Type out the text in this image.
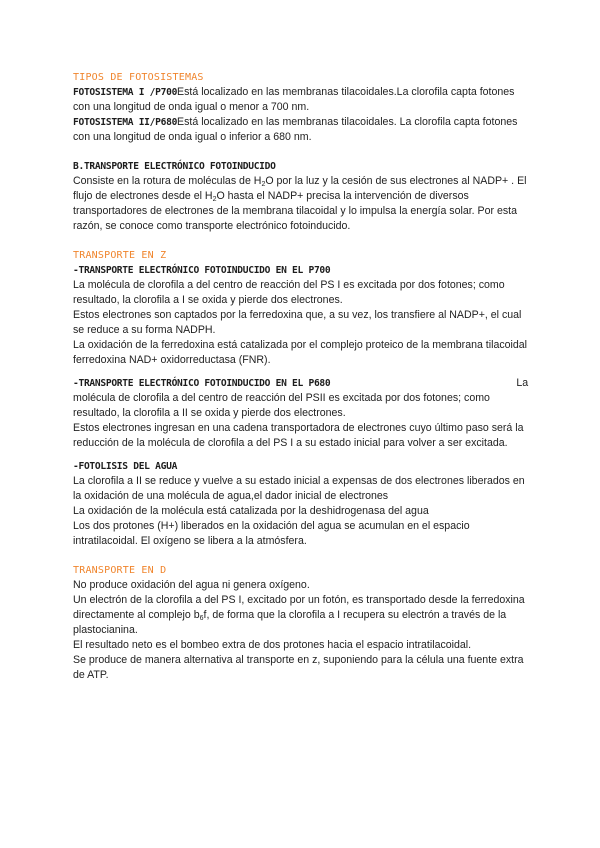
TIPOS DE FOTOSISTEMAS

FOTOSISTEMA I /P700Está localizado en las membranas tilacoidales.La clorofila capta fotones con una longitud de onda igual o menor a 700 nm.

FOTOSISTEMA II/P680Está localizado en las membranas tilacoidales. La clorofila capta fotones con una longitud de onda igual o inferior a 680 nm.

B.TRANSPORTE ELECTRÓNICO FOTOINDUCIDO

Consiste en la rotura de moléculas de $H_2O$ por la luz y la cesión de sus electrones al NADP+ . El flujo de electrones desde el $H_2O$ hasta el NADP+ precisa la intervención de diversos transportadores de electrones de la membrana tilacoidal y lo impulsa la energía solar. Por esta razón, se conoce como transporte electrónico fotoinducido.

TRANSPORTE EN Z
-TRANSPORTE ELECTRÓNICO FOTOINDUCIDO EN EL P700

La molécula de clorofila a del centro de reacción del PS I es excitada por dos fotones; como resultado, la clorofila a I se oxida y pierde dos electrones.

Estos electrones son captados por la ferredoxina que, a su vez, los transfiere al NADP+, el cual se reduce a su forma NADPH.

La oxidación de la ferredoxina está catalizada por el complejo proteico de la membrana tilacoidal ferredoxina NAD+ oxidorreductasa (FNR).

-TRANSPORTE ELECTRÓNICO FOTOINDUCIDO EN EL P680	La molécula de clorofila a del centro de reacción del PSII es excitada por dos fotones; como resultado, la clorofila a II se oxida y pierde dos electrones.

Estos electrones ingresan en una cadena transportadora de electrones cuyo último paso será la reducción de la molécula de clorofila a del PS I a su estado inicial para volver a ser excitada.

-FOTOLISIS DEL AGUA

La clorofila a II se reduce y vuelve a su estado inicial a expensas de dos electrones liberados en la oxidación de una molécula de agua,el dador inicial de electrones

La oxidación de la molécula está catalizada por la deshidrogenasa del agua

Los dos protones (H+) liberados en la oxidación del agua se acumulan en el espacio intratilacoidal. El oxígeno se libera a la atmósfera.

TRANSPORTE EN D

No produce oxidación del agua ni genera oxígeno.

Un electrón de la clorofila a del PS I, excitado por un fotón, es transportado desde la ferredoxina directamente al complejo $b_6f$, de forma que la clorofila a I recupera su electrón a través de la plastocianina.

El resultado neto es el bombeo extra de dos protones hacia el espacio intratilacoidal.

Se produce de manera alternativa al transporte en z, suponiendo para la célula una fuente extra de ATP.
